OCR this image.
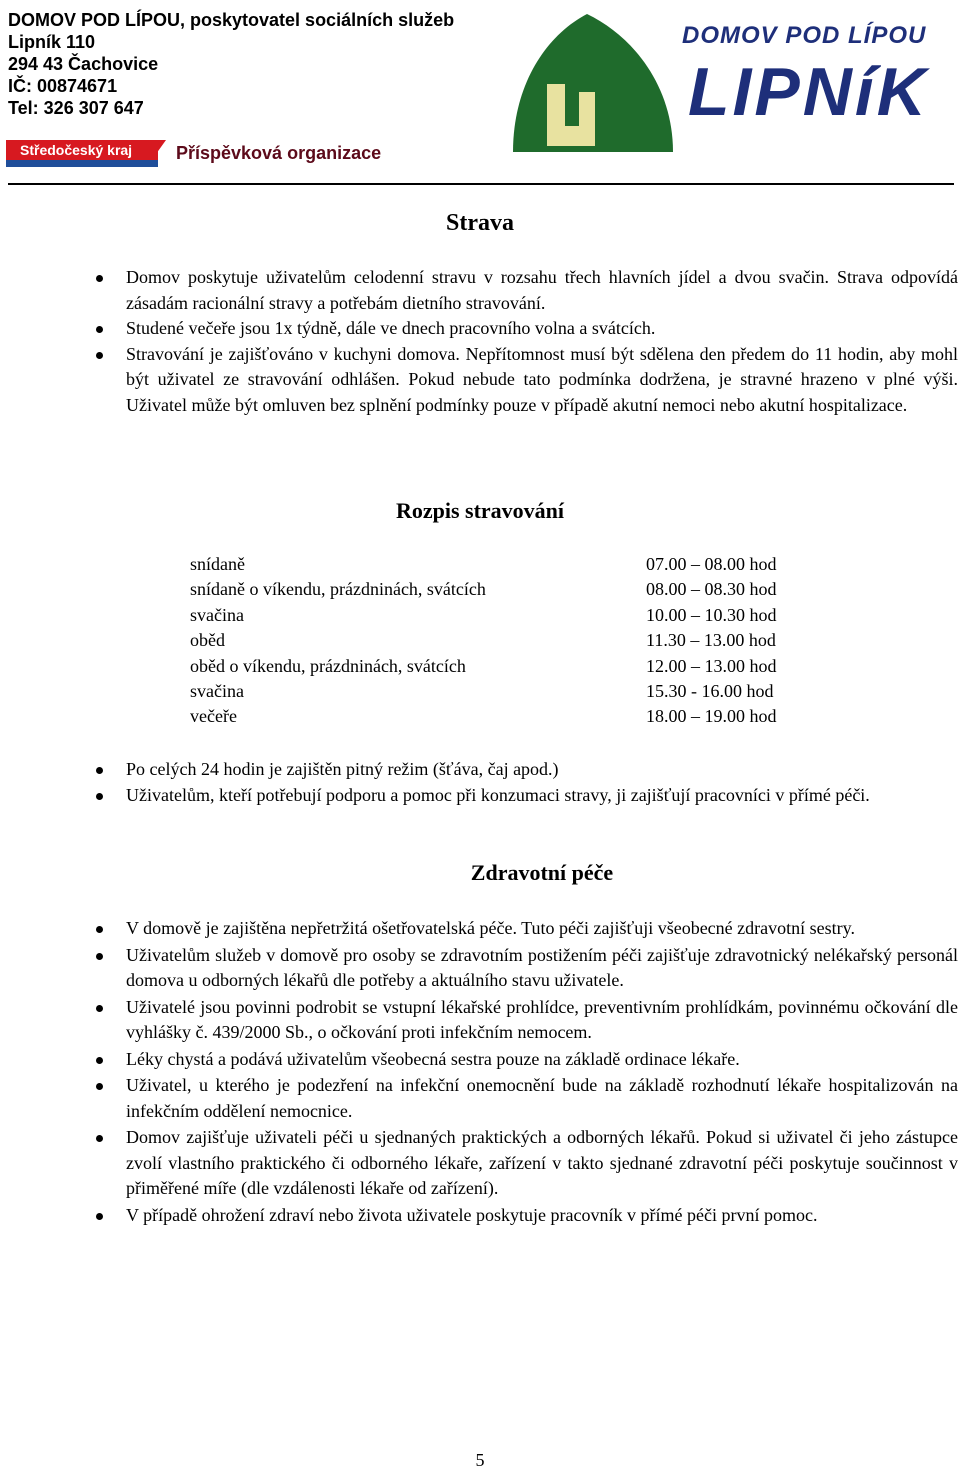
DOMOV POD LÍPOU, poskytovatel sociálních služeb
Lipník 110
294 43 Čachovice
IČ: 00874671
Tel: 326 307 647
Středočeský kraj	Příspěvková organizace
DOMOV POD LÍPOU
LIPNíK
Strava
Domov poskytuje uživatelům celodenní stravu v rozsahu třech hlavních jídel a dvou svačin. Strava odpovídá zásadám racionální stravy a potřebám dietního stravování.
Studené večeře jsou 1x týdně, dále ve dnech pracovního volna a svátcích.
Stravování je zajišťováno v kuchyni domova. Nepřítomnost musí být sdělena den předem do 11 hodin, aby mohl být uživatel ze stravování odhlášen. Pokud nebude tato podmínka dodržena, je stravné hrazeno v plné výši. Uživatel může být omluven bez splnění podmínky pouze v případě akutní nemoci nebo akutní hospitalizace.
Rozpis stravování
snídaně	07.00 – 08.00 hod
snídaně o víkendu, prázdninách, svátcích	08.00 – 08.30 hod
svačina	10.00 – 10.30 hod
oběd	11.30 – 13.00 hod
oběd o víkendu, prázdninách, svátcích	12.00 – 13.00 hod
svačina	15.30 - 16.00 hod
večeře	18.00 – 19.00 hod
Po celých 24 hodin je zajištěn pitný režim (šťáva, čaj apod.)
Uživatelům, kteří potřebují podporu a pomoc při konzumaci stravy, ji zajišťují pracovníci v přímé péči.
Zdravotní péče
V domově je zajištěna nepřetržitá ošetřovatelská péče. Tuto péči zajišťuji všeobecné zdravotní sestry.
Uživatelům služeb v domově pro osoby se zdravotním postižením péči zajišťuje zdravotnický nelékařský personál domova u odborných lékařů dle potřeby a aktuálního stavu uživatele.
Uživatelé jsou povinni podrobit se vstupní lékařské prohlídce, preventivním prohlídkám, povinnému očkování dle vyhlášky č. 439/2000 Sb., o očkování proti infekčním nemocem.
Léky chystá a podává uživatelům všeobecná sestra pouze na základě ordinace lékaře.
Uživatel, u kterého je podezření na infekční onemocnění bude na základě rozhodnutí lékaře hospitalizován na infekčním oddělení nemocnice.
Domov zajišťuje uživateli péči u sjednaných praktických a odborných lékařů. Pokud si uživatel či jeho zástupce zvolí vlastního praktického či odborného lékaře, zařízení v takto sjednané zdravotní péči poskytuje součinnost v přiměřené míře (dle vzdálenosti lékaře od zařízení).
V případě ohrožení zdraví nebo života uživatele poskytuje pracovník v přímé péči první pomoc.
5
